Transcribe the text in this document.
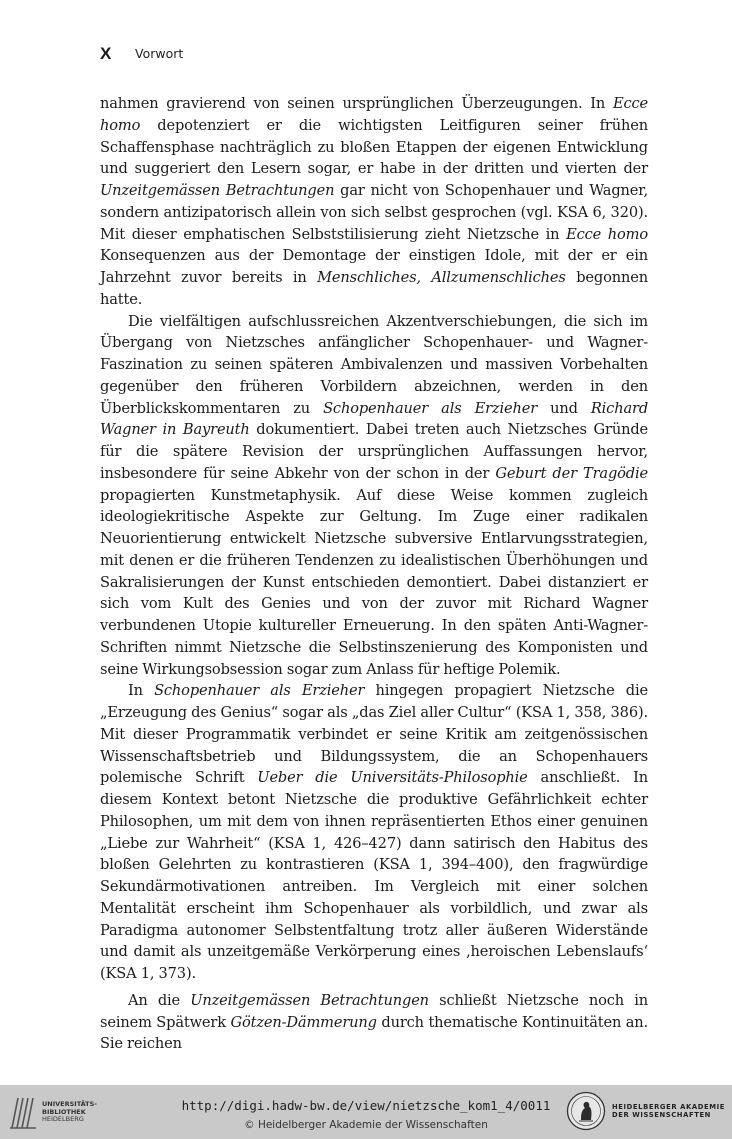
X Vorwort

nahmen gravierend von seinen ursprünglichen Überzeugungen. In Ecce homo depotenziert er die wichtigsten Leitfiguren seiner frühen Schaffensphase nachträglich zu bloßen Etappen der eigenen Entwicklung und suggeriert den Lesern sogar, er habe in der dritten und vierten der Unzeitgemässen Betrachtungen gar nicht von Schopenhauer und Wagner, sondern antizipatorisch allein von sich selbst gesprochen (vgl. KSA 6, 320). Mit dieser emphatischen Selbststilisierung zieht Nietzsche in Ecce homo Konsequenzen aus der Demontage der einstigen Idole, mit der er ein Jahrzehnt zuvor bereits in Menschliches, Allzumenschliches begonnen hatte.

Die vielfältigen aufschlussreichen Akzentverschiebungen, die sich im Übergang von Nietzsches anfänglicher Schopenhauer- und Wagner-Faszination zu seinen späteren Ambivalenzen und massiven Vorbehalten gegenüber den früheren Vorbildern abzeichnen, werden in den Überblickskommentaren zu Schopenhauer als Erzieher und Richard Wagner in Bayreuth dokumentiert. Dabei treten auch Nietzsches Gründe für die spätere Revision der ursprünglichen Auffassungen hervor, insbesondere für seine Abkehr von der schon in der Geburt der Tragödie propagierten Kunstmetaphysik. Auf diese Weise kommen zugleich ideologiekritische Aspekte zur Geltung. Im Zuge einer radikalen Neuorientierung entwickelt Nietzsche subversive Entlarvungsstrategien, mit denen er die früheren Tendenzen zu idealistischen Überhöhungen und Sakralisierungen der Kunst entschieden demontiert. Dabei distanziert er sich vom Kult des Genies und von der zuvor mit Richard Wagner verbundenen Utopie kultureller Erneuerung. In den späten Anti-Wagner-Schriften nimmt Nietzsche die Selbstinszenierung des Komponisten und seine Wirkungsobsession sogar zum Anlass für heftige Polemik.

In Schopenhauer als Erzieher hingegen propagiert Nietzsche die „Erzeugung des Genius“ sogar als „das Ziel aller Cultur“ (KSA 1, 358, 386). Mit dieser Programmatik verbindet er seine Kritik am zeitgenössischen Wissenschaftsbetrieb und Bildungssystem, die an Schopenhauers polemische Schrift Ueber die Universitäts-Philosophie anschließt. In diesem Kontext betont Nietzsche die produktive Gefährlichkeit echter Philosophen, um mit dem von ihnen repräsentierten Ethos einer genuinen „Liebe zur Wahrheit“ (KSA 1, 426–427) dann satirisch den Habitus des bloßen Gelehrten zu kontrastieren (KSA 1, 394–400), den fragwürdige Sekundärmotivationen antreiben. Im Vergleich mit einer solchen Mentalität erscheint ihm Schopenhauer als vorbildlich, und zwar als Paradigma autonomer Selbstentfaltung trotz aller äußeren Widerstände und damit als unzeitgemäße Verkörperung eines ‚heroischen Lebenslaufs‘ (KSA 1, 373).

An die Unzeitgemässen Betrachtungen schließt Nietzsche noch in seinem Spätwerk Götzen-Dämmerung durch thematische Kontinuitäten an. Sie reichen

UNIVERSITÄTS-
BIBLIOTHEK
HEIDELBERG
http://digi.hadw-bw.de/view/nietzsche_kom1_4/0011
© Heidelberger Akademie der Wissenschaften
HEIDELBERGER AKADEMIE
DER WISSENSCHAFTEN
